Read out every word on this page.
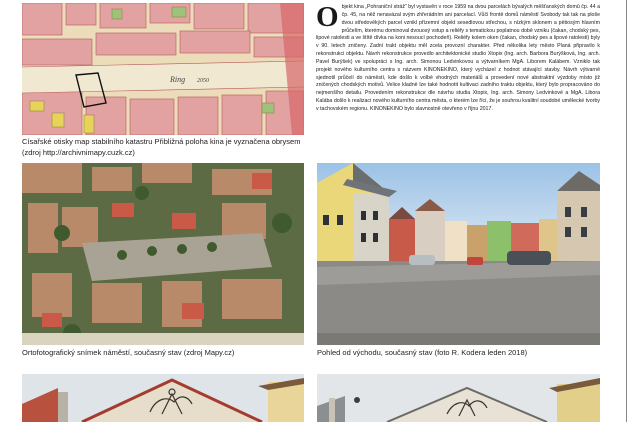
Ring 2050
O bjekt kina „Pohraniční stráž“ byl vystavěn v roce 1959 na dvou parcelách bývalých měšťanských domů čp. 44 a čp. 45, na něž nenavázal svým zhřerádním ani parcelací. Vůči frontě domů náměstí Svobody tak tak na ploše dvou středověkých parcel vznikl přízemní objekt sesedlovou střechou, s nízkým sklonem a pětiosým hlavním průčelím, kterému dominoval dvouosý vstup a reliéfy s tematickou poplatnou době vzniku (čakan, chodský pes, lipové ratolesti a ve štítě dívka na koni nesoucí pochodeň). Reliéfy kolem oken (čakan, chodský pes a lipové ratolesti) byly v 90. letech zničeny. Zadní trakt objektu měl zcela provozní charakter. Před několika lety město Planá připravilo k rekonstrukci objektu. Návrh rekonstrukce provedlo architektonické studio Xtopix (Ing. arch. Barbora Burýšková, Ing. arch. Pavel Burýšek) ve spolupráci s Ing. arch. Simonou Ledvinkovou a výtvarníkem MgA. Liborem Kalábem. Vzniklo tak projekt nového kulturního centra s názvem KINONEKINO, který vycházel z hodnot stávající stavby. Návrh výtvarně sjednotil průčelí do náměstí, kde došlo k volbě vhodných materiálů a provedení nové abstraktní výzdoby místo již zničených chodských motivů. Velice kladně lze také hodnotit kultivaci zadního traktu objektu, který bylo propracováno do nejmenšího detailu. Provedením rekonstrukce dle návrhu studia Xtopix, Ing. arch. Simony Ledvinkové a MgA. Libora Kalába došlo k realizaci nového kulturního centra města, o kterém lze říci, že je souhrou kvalitní soudobé umělecké tvorby v tachovském regionu. KINONEKINO bylo slavnostně otevřeno v říjnu 2017.
Císařské otisky map stabilního katastru Přibližná poloha kina je vyznačena obrysem (zdroj http://archivnimapy.cuzk.cz)
Ortofotografický snímek náměstí, současný stav (zdroj Mapy.cz)	Pohled od východu, současný stav (foto R. Kodera leden 2018)
